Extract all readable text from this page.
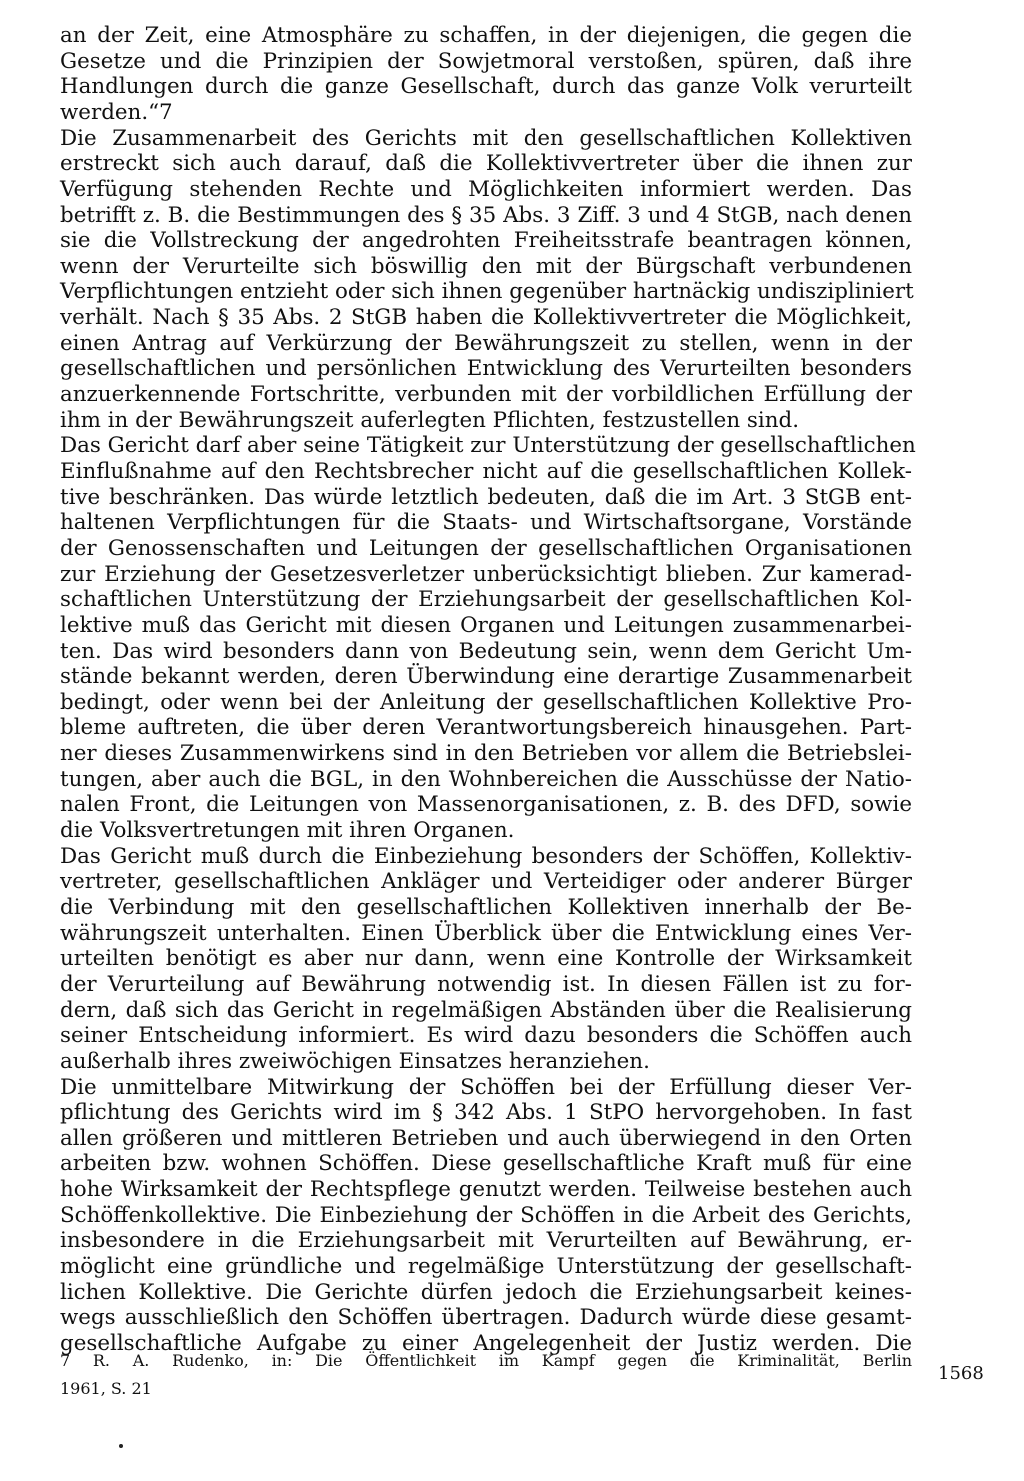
an der Zeit, eine Atmosphäre zu schaffen, in der diejenigen, die gegen die
Gesetze und die Prinzipien der Sowjetmoral verstoßen, spüren, daß ihre
Handlungen durch die ganze Gesellschaft, durch das ganze Volk verurteilt
werden.“7
Die Zusammenarbeit des Gerichts mit den gesellschaftlichen Kollektiven
erstreckt sich auch darauf, daß die Kollektivvertreter über die ihnen zur
Verfügung stehenden Rechte und Möglichkeiten informiert werden. Das
betrifft z. B. die Bestimmungen des § 35 Abs. 3 Ziff. 3 und 4 StGB, nach denen
sie die Vollstreckung der angedrohten Freiheitsstrafe beantragen können,
wenn der Verurteilte sich böswillig den mit der Bürgschaft verbundenen
Verpflichtungen entzieht oder sich ihnen gegenüber hartnäckig undiszipliniert
verhält. Nach § 35 Abs. 2 StGB haben die Kollektivvertreter die Möglichkeit,
einen Antrag auf Verkürzung der Bewährungszeit zu stellen, wenn in der
gesellschaftlichen und persönlichen Entwicklung des Verurteilten besonders
anzuerkennende Fortschritte, verbunden mit der vorbildlichen Erfüllung der
ihm in der Bewährungszeit auferlegten Pflichten, festzustellen sind.
Das Gericht darf aber seine Tätigkeit zur Unterstützung der gesellschaftlichen
Einflußnahme auf den Rechtsbrecher nicht auf die gesellschaftlichen Kollek-
tive beschränken. Das würde letztlich bedeuten, daß die im Art. 3 StGB ent-
haltenen Verpflichtungen für die Staats- und Wirtschaftsorgane, Vorstände
der Genossenschaften und Leitungen der gesellschaftlichen Organisationen
zur Erziehung der Gesetzesverletzer unberücksichtigt blieben. Zur kamerad-
schaftlichen Unterstützung der Erziehungsarbeit der gesellschaftlichen Kol-
lektive muß das Gericht mit diesen Organen und Leitungen zusammenarbei-
ten. Das wird besonders dann von Bedeutung sein, wenn dem Gericht Um-
stände bekannt werden, deren Überwindung eine derartige Zusammenarbeit
bedingt, oder wenn bei der Anleitung der gesellschaftlichen Kollektive Pro-
bleme auftreten, die über deren Verantwortungsbereich hinausgehen. Part-
ner dieses Zusammenwirkens sind in den Betrieben vor allem die Betriebslei-
tungen, aber auch die BGL, in den Wohnbereichen die Ausschüsse der Natio-
nalen Front, die Leitungen von Massenorganisationen, z. B. des DFD, sowie
die Volksvertretungen mit ihren Organen.
Das Gericht muß durch die Einbeziehung besonders der Schöffen, Kollektiv-
vertreter, gesellschaftlichen Ankläger und Verteidiger oder anderer Bürger
die Verbindung mit den gesellschaftlichen Kollektiven innerhalb der Be-
währungszeit unterhalten. Einen Überblick über die Entwicklung eines Ver-
urteilten benötigt es aber nur dann, wenn eine Kontrolle der Wirksamkeit
der Verurteilung auf Bewährung notwendig ist. In diesen Fällen ist zu for-
dern, daß sich das Gericht in regelmäßigen Abständen über die Realisierung
seiner Entscheidung informiert. Es wird dazu besonders die Schöffen auch
außerhalb ihres zweiwöchigen Einsatzes heranziehen.
Die unmittelbare Mitwirkung der Schöffen bei der Erfüllung dieser Ver-
pflichtung des Gerichts wird im § 342 Abs. 1 StPO hervorgehoben. In fast
allen größeren und mittleren Betrieben und auch überwiegend in den Orten
arbeiten bzw. wohnen Schöffen. Diese gesellschaftliche Kraft muß für eine
hohe Wirksamkeit der Rechtspflege genutzt werden. Teilweise bestehen auch
Schöffenkollektive. Die Einbeziehung der Schöffen in die Arbeit des Gerichts,
insbesondere in die Erziehungsarbeit mit Verurteilten auf Bewährung, er-
möglicht eine gründliche und regelmäßige Unterstützung der gesellschaft-
lichen Kollektive. Die Gerichte dürfen jedoch die Erziehungsarbeit keines-
wegs ausschließlich den Schöffen übertragen. Dadurch würde diese gesamt-
gesellschaftliche Aufgabe zu einer Angelegenheit der Justiz werden. Die
7 R. A. Rudenko, in: Die Öffentlichkeit im Kampf gegen die Kriminalität, Berlin
1961, S. 21
1568
